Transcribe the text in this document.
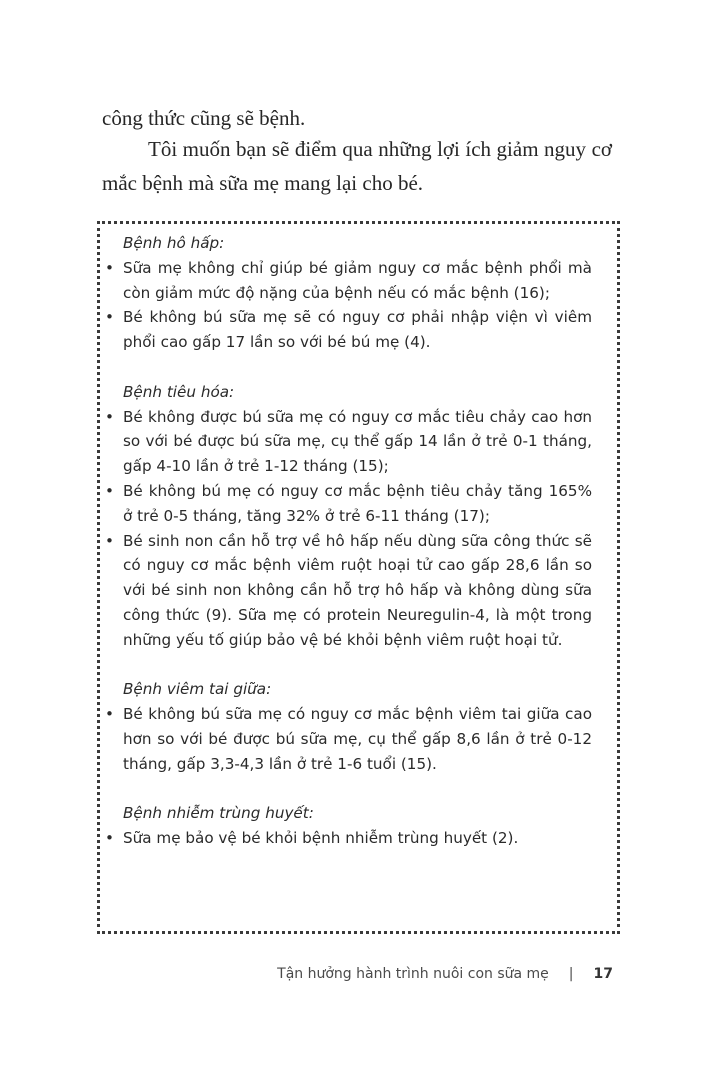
công thức cũng sẽ bệnh.

Tôi muốn bạn sẽ điểm qua những lợi ích giảm nguy cơ mắc bệnh mà sữa mẹ mang lại cho bé.

Bệnh hô hấp:

• Sữa mẹ không chỉ giúp bé giảm nguy cơ mắc bệnh phổi mà còn giảm mức độ nặng của bệnh nếu có mắc bệnh (16);
• Bé không bú sữa mẹ sẽ có nguy cơ phải nhập viện vì viêm phổi cao gấp 17 lần so với bé bú mẹ (4).

Bệnh tiêu hóa:

• Bé không được bú sữa mẹ có nguy cơ mắc tiêu chảy cao hơn so với bé được bú sữa mẹ, cụ thể gấp 14 lần ở trẻ 0-1 tháng, gấp 4-10 lần ở trẻ 1-12 tháng (15);
• Bé không bú mẹ có nguy cơ mắc bệnh tiêu chảy tăng 165% ở trẻ 0-5 tháng, tăng 32% ở trẻ 6-11 tháng (17);
• Bé sinh non cần hỗ trợ về hô hấp nếu dùng sữa công thức sẽ có nguy cơ mắc bệnh viêm ruột hoại tử cao gấp 28,6 lần so với bé sinh non không cần hỗ trợ hô hấp và không dùng sữa công thức (9). Sữa mẹ có protein Neuregulin-4, là một trong những yếu tố giúp bảo vệ bé khỏi bệnh viêm ruột hoại tử.

Bệnh viêm tai giữa:

• Bé không bú sữa mẹ có nguy cơ mắc bệnh viêm tai giữa cao hơn so với bé được bú sữa mẹ, cụ thể gấp 8,6 lần ở trẻ 0-12 tháng, gấp 3,3-4,3 lần ở trẻ 1-6 tuổi (15).

Bệnh nhiễm trùng huyết:

• Sữa mẹ bảo vệ bé khỏi bệnh nhiễm trùng huyết (2).
Tận hưởng hành trình nuôi con sữa mẹ | 17
